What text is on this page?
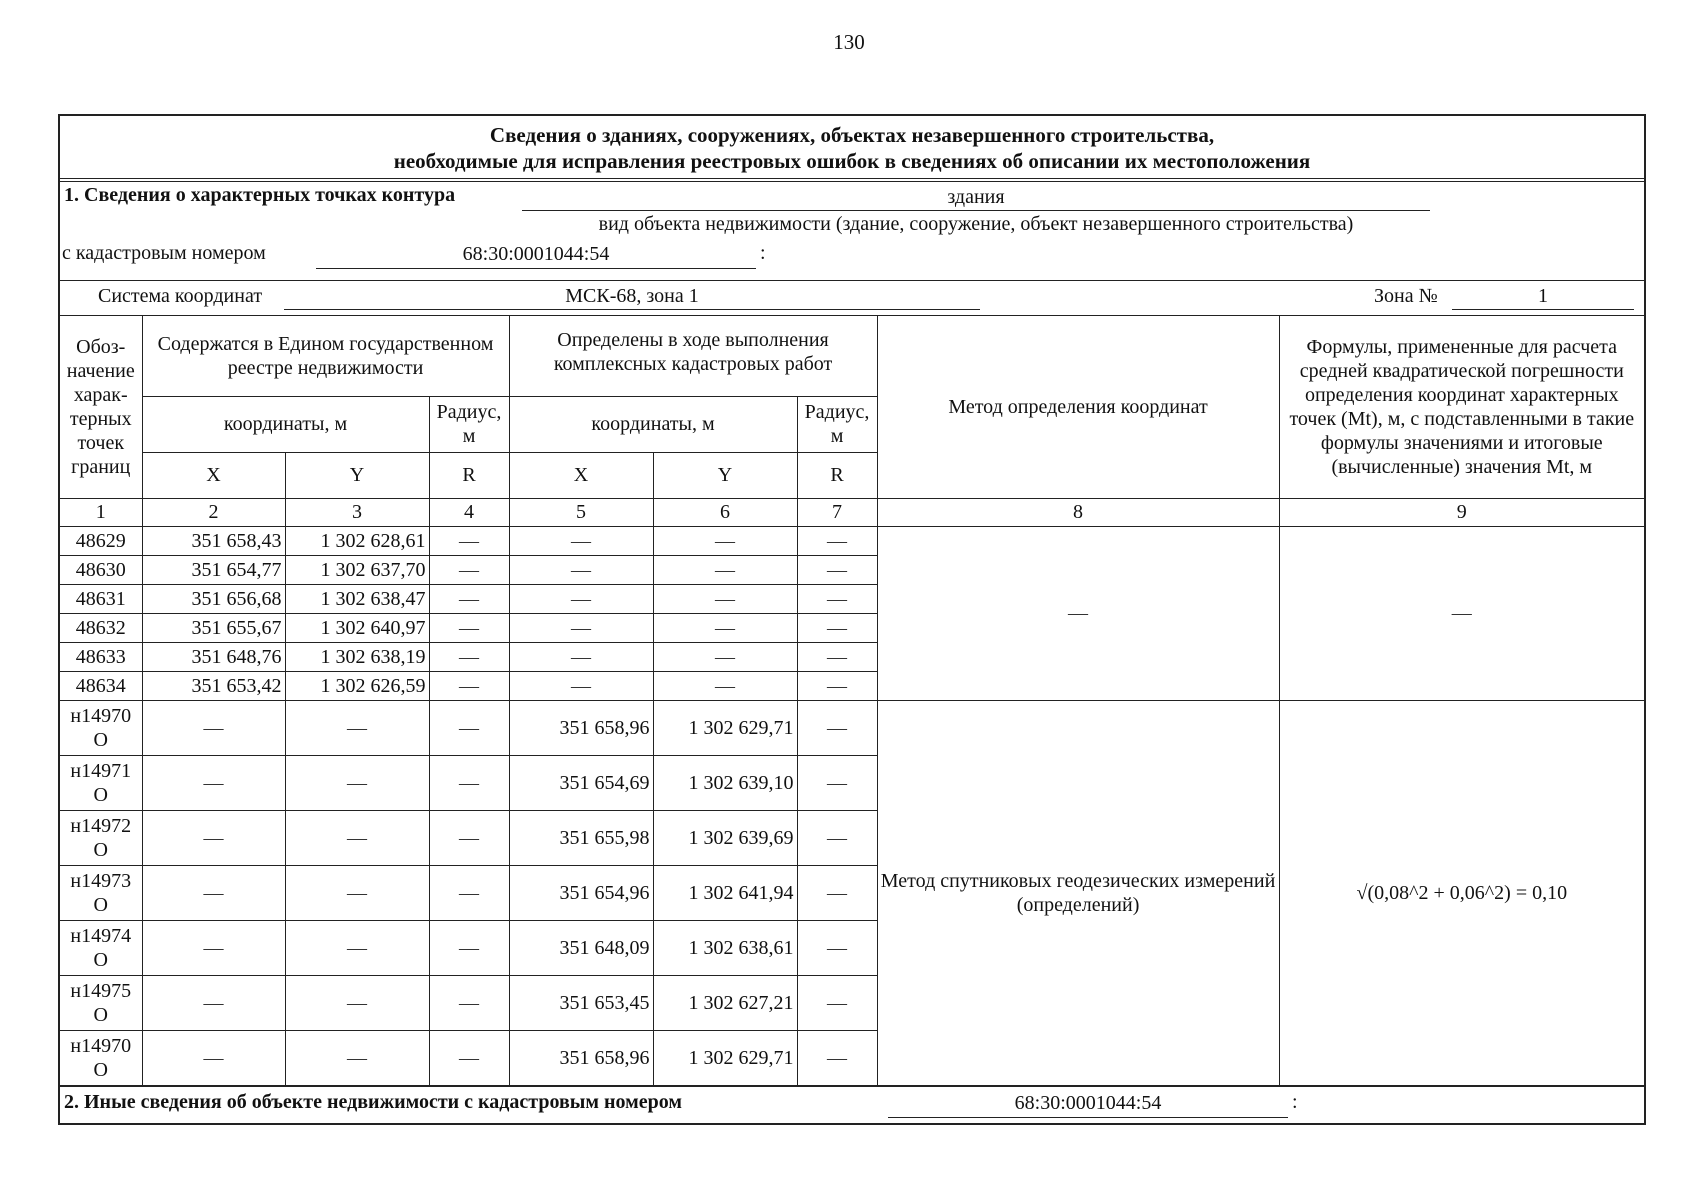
130
Сведения о зданиях, сооружениях, объектах незавершенного строительства,
необходимые для исправления реестровых ошибок в сведениях об описании их местоположения
1. Сведения о характерных точках контура	здания
вид объекта недвижимости (здание, сооружение, объект незавершенного строительства)
с кадастровым номером	68:30:0001044:54	:
Система координат	МСК-68, зона 1	Зона №	1
Обоз-начение харак-терных точек границ	Содержатся в Едином государственном реестре недвижимости			Определены в ходе выполнения комплексных кадастровых работ			Метод определения координат	Формулы, примененные для расчета средней квадратической погрешности определения координат характерных точек (Mt), м, с подставленными в такие формулы значениями и итоговые (вычисленные) значения Mt, м
	координаты, м		Радиус, м	координаты, м		Радиус, м		
	X	Y	R	X	Y	R		
1	2	3	4	5	6	7	8	9
48629	351 658,43	1 302 628,61	—	—	—	—	—	—
48630	351 654,77	1 302 637,70	—	—	—	—		
48631	351 656,68	1 302 638,47	—	—	—	—		
48632	351 655,67	1 302 640,97	—	—	—	—		
48633	351 648,76	1 302 638,19	—	—	—	—		
48634	351 653,42	1 302 626,59	—	—	—	—		
н14970 О	—	—	—	351 658,96	1 302 629,71	—	Метод спутниковых геодезических измерений (определений)	√(0,08^2 + 0,06^2) = 0,10
н14971 О	—	—	—	351 654,69	1 302 639,10	—		
н14972 О	—	—	—	351 655,98	1 302 639,69	—		
н14973 О	—	—	—	351 654,96	1 302 641,94	—		
н14974 О	—	—	—	351 648,09	1 302 638,61	—		
н14975 О	—	—	—	351 653,45	1 302 627,21	—		
н14970 О	—	—	—	351 658,96	1 302 629,71	—		
2. Иные сведения об объекте недвижимости с кадастровым номером	68:30:0001044:54	:
